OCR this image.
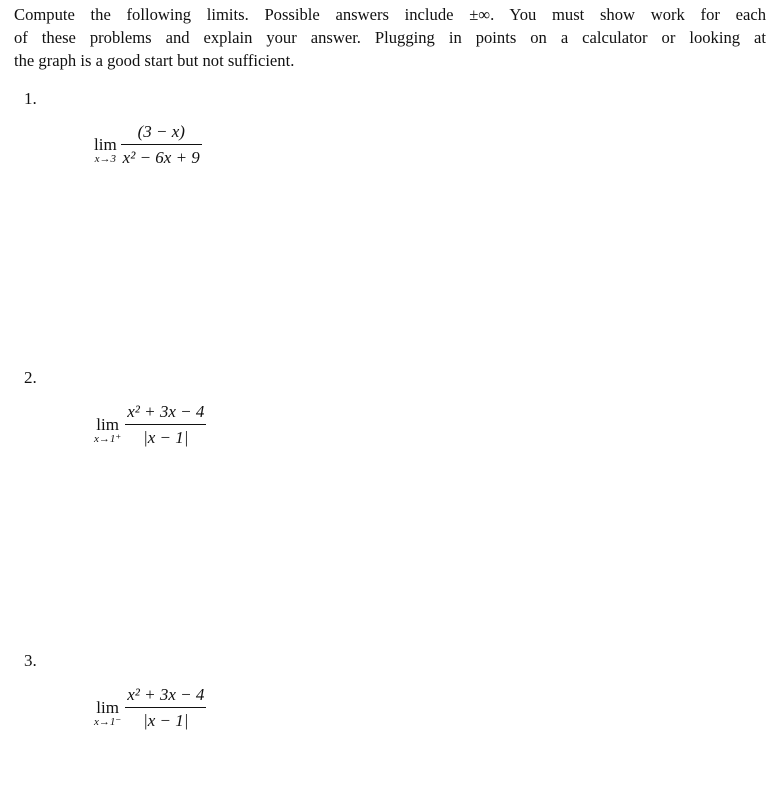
Compute the following limits. Possible answers include ±∞. You must show work for each
of these problems and explain your answer. Plugging in points on a calculator or looking at
the graph is a good start but not sufficient.
1.
lim
$x\to 3 \frac{(3 - x)}{\text{x² − 6x + 9}}$
2.
lim
$x\to 1^+ \frac{\text{x² + 3x − 4}}{|x - 1|}$
3.
lim
$x\to 1^- \frac{\text{x² + 3x − 4}}{|x - 1|}$
